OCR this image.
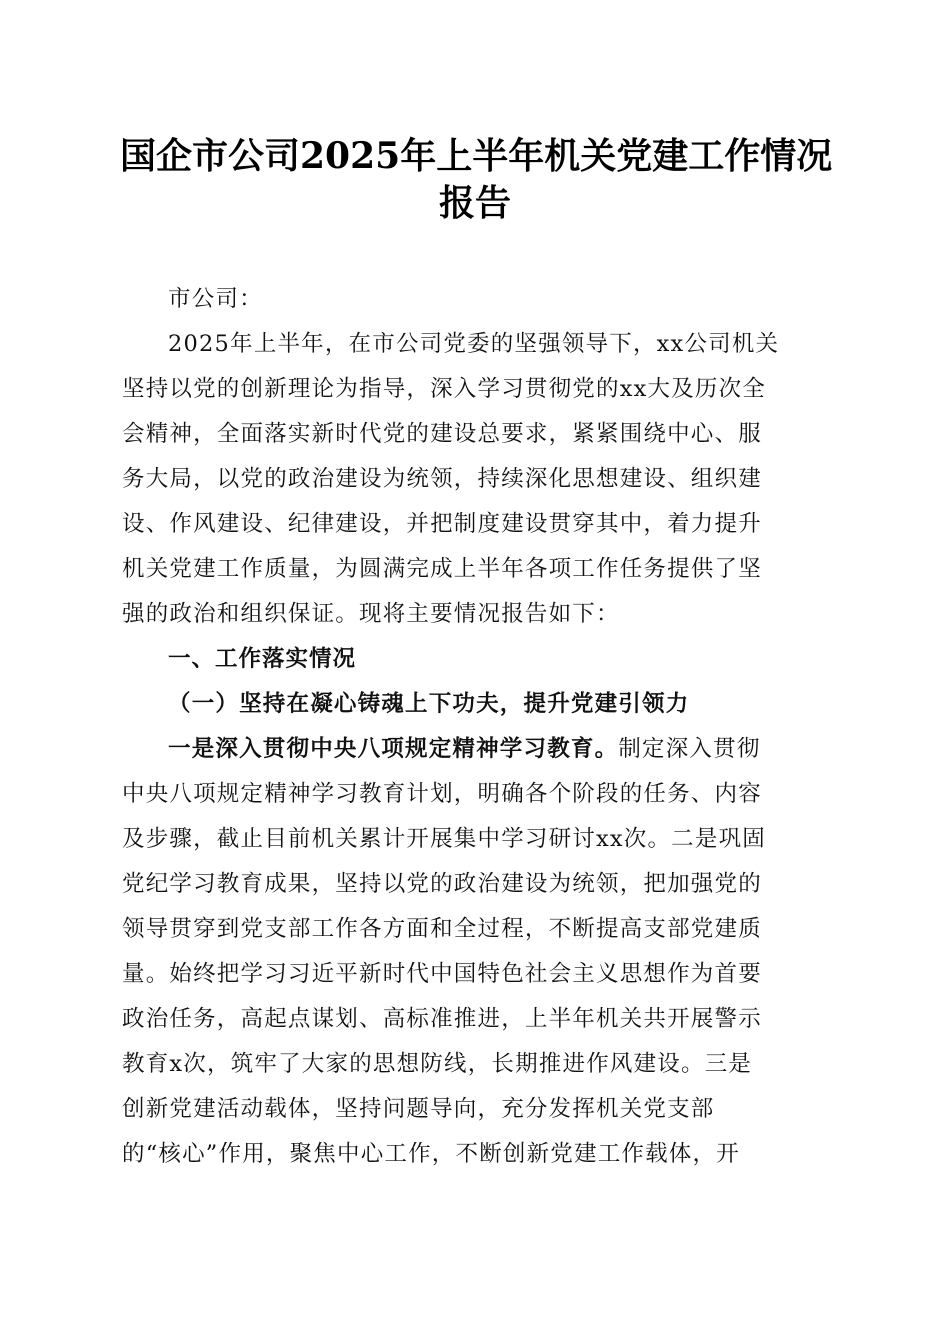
国企市公司2025年上半年机关党建工作情况
报告
市公司：
2025年上半年，在市公司党委的坚强领导下，xx公司机关
坚持以党的创新理论为指导，深入学习贯彻党的xx大及历次全
会精神，全面落实新时代党的建设总要求，紧紧围绕中心、服
务大局，以党的政治建设为统领，持续深化思想建设、组织建
设、作风建设、纪律建设，并把制度建设贯穿其中，着力提升
机关党建工作质量，为圆满完成上半年各项工作任务提供了坚
强的政治和组织保证。现将主要情况报告如下：
一、工作落实情况
（一）坚持在凝心铸魂上下功夫，提升党建引领力
一是深入贯彻中央八项规定精神学习教育。制定深入贯彻
中央八项规定精神学习教育计划，明确各个阶段的任务、内容
及步骤，截止目前机关累计开展集中学习研讨xx次。二是巩固
党纪学习教育成果，坚持以党的政治建设为统领，把加强党的
领导贯穿到党支部工作各方面和全过程，不断提高支部党建质
量。始终把学习习近平新时代中国特色社会主义思想作为首要
政治任务，高起点谋划、高标准推进，上半年机关共开展警示
教育x次，筑牢了大家的思想防线，长期推进作风建设。三是
创新党建活动载体，坚持问题导向，充分发挥机关党支部
的“核心”作用，聚焦中心工作，不断创新党建工作载体，开
